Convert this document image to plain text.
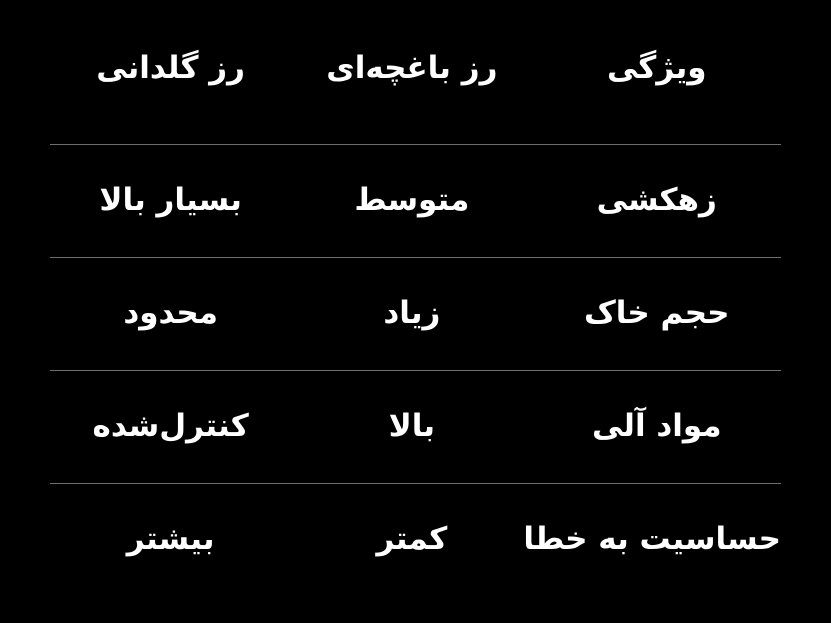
ویژگی	رز باغچه‌ای	رز گلدانی
زهکشی	متوسط	بسیار بالا
حجم خاک	زیاد	محدود
مواد آلی	بالا	کنترل‌شده
حساسیت به خطا	کمتر	بیشتر
